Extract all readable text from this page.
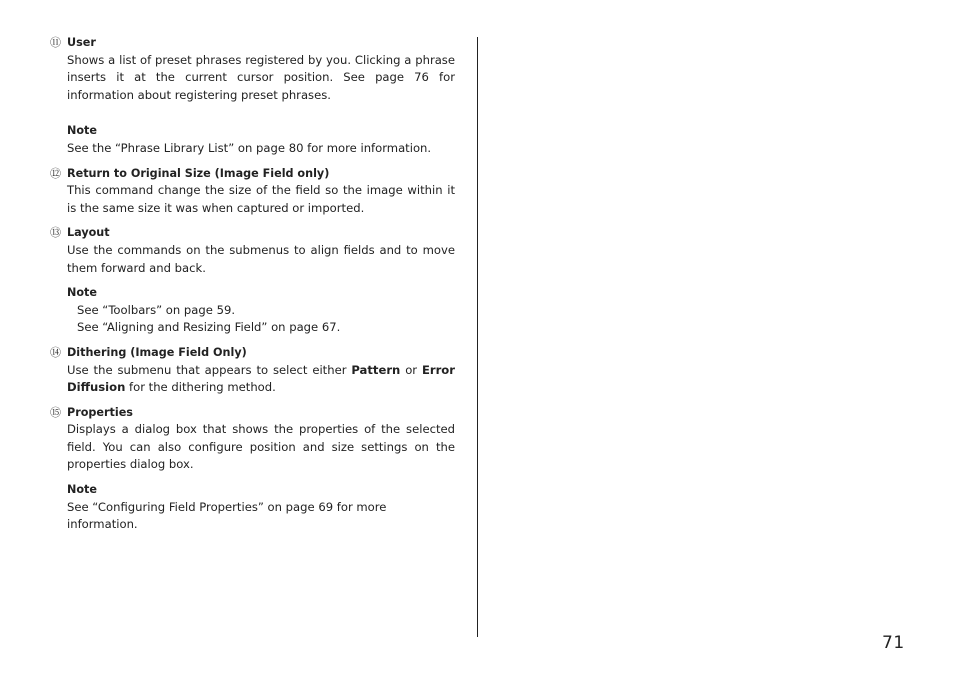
⑪ User
Shows a list of preset phrases registered by you. Clicking a phrase inserts it at the current cursor position. See page 76 for information about registering preset phrases.
Note
See the “Phrase Library List” on page 80 for more information.
⑫ Return to Original Size (Image Field only)
This command change the size of the field so the image within it is the same size it was when captured or imported.
⑬ Layout
Use the commands on the submenus to align fields and to move them forward and back.
Note
See “Toolbars” on page 59.
See “Aligning and Resizing Field” on page 67.
⑭ Dithering (Image Field Only)
Use the submenu that appears to select either Pattern or Error Diffusion for the dithering method.
⑮ Properties
Displays a dialog box that shows the properties of the selected field. You can also configure position and size settings on the properties dialog box.
Note
See “Configuring Field Properties” on page 69 for more information.
71
